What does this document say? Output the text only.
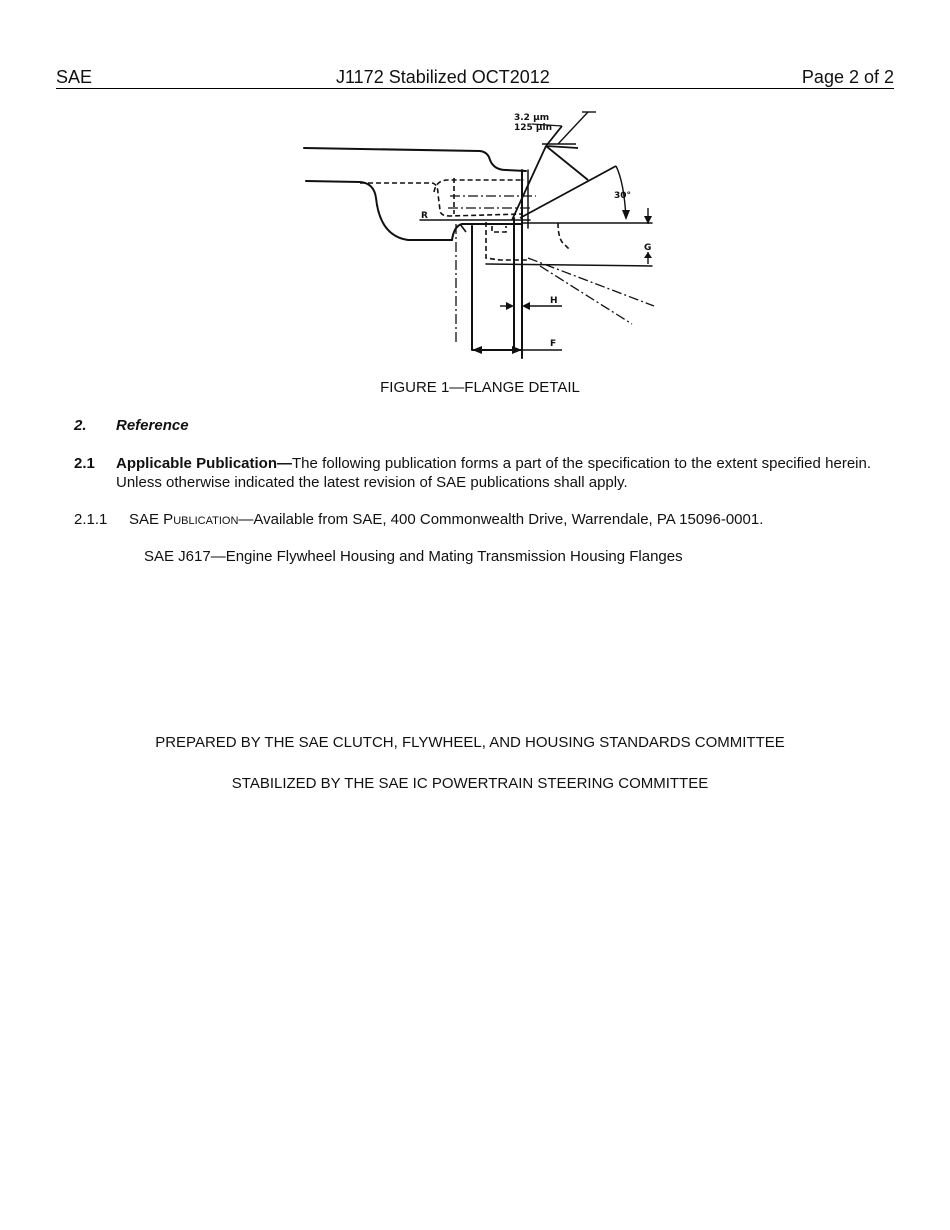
SAE	J1172 Stabilized OCT2012	Page 2 of 2
3.2 µm
125 µin
30°
R
G
H
F
FIGURE 1—FLANGE DETAIL
2. Reference
2.1 Applicable Publication—The following publication forms a part of the specification to the extent specified herein. Unless otherwise indicated the latest revision of SAE publications shall apply.
2.1.1 SAE Publication—Available from SAE, 400 Commonwealth Drive, Warrendale, PA 15096-0001.
SAE J617—Engine Flywheel Housing and Mating Transmission Housing Flanges
PREPARED BY THE SAE CLUTCH, FLYWHEEL, AND HOUSING STANDARDS COMMITTEE
STABILIZED BY THE SAE IC POWERTRAIN STEERING COMMITTEE
